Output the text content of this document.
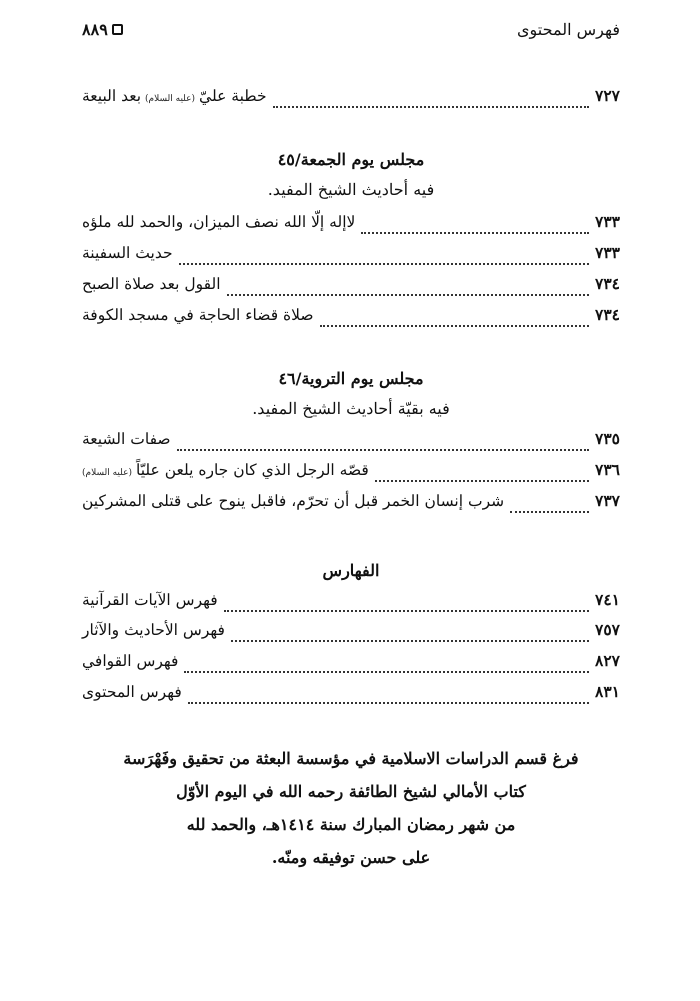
٨٨٩	فهرس المحتوى
خطبة عليّ
(عليه السلام)
بعد البيعة	٧٢٧
مجلس يوم الجمعة/٤٥
فيه أحاديث الشيخ المفيد.
لاإله إلّا الله نصف الميزان، والحمد لله ملؤه	٧٣٣
حديث السفينة	٧٣٣
القول بعد صلاة الصبح	٧٣٤
صلاة قضاء الحاجة في مسجد الكوفة	٧٣٤
مجلس يوم التروية/٤٦
فيه بقيّة أحاديث الشيخ المفيد.
صفات الشيعة	٧٣٥
قصّه الرجل الذي كان جاره يلعن عليّاً
(عليه السلام)	٧٣٦
شرب إنسان الخمر قبل أن تحرّم، فاقبل ينوح على قتلى المشركين	٧٣٧
الفهارس
فهرس الآيات القرآنية	٧٤١
فهرس الأحاديث والآثار	٧٥٧
فهرس القوافي	٨٢٧
فهرس المحتوى	٨٣١
فرغ قسم الدراسات الاسلامية في مؤسسة البعثة من تحقيق وفَهْرَسة
كتاب الأمالي لشيخ الطائفة رحمه الله في اليوم الأوّل
من شهر رمضان المبارك سنة ١٤١٤هـ، والحمد لله
على حسن توفيقه ومنّه.
